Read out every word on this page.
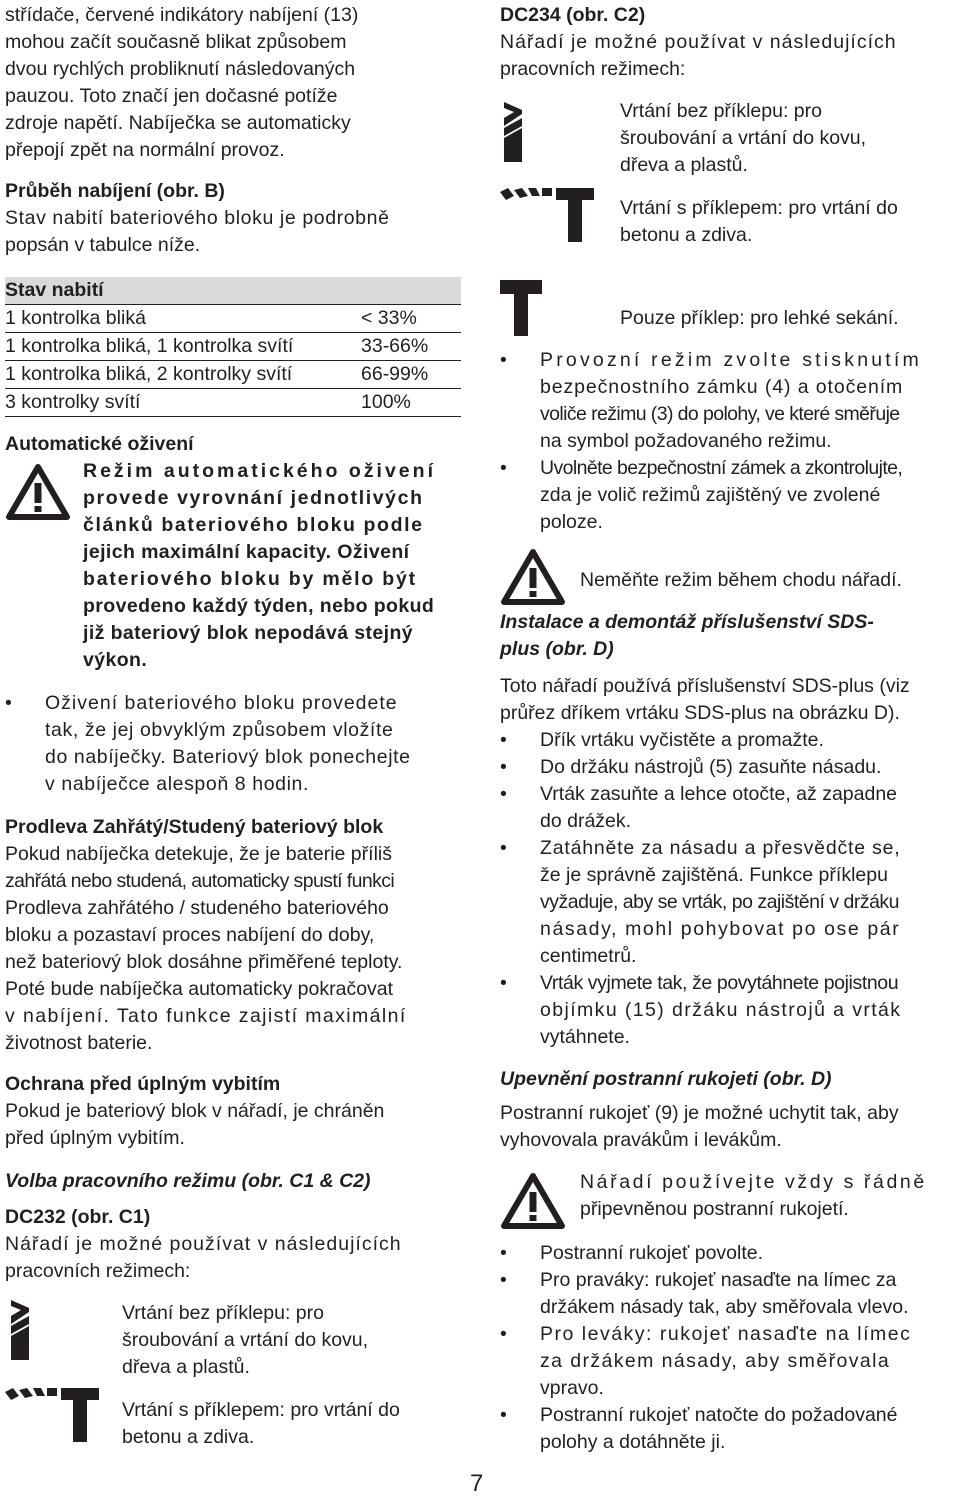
střídače, červené indikátory nabíjení (13)

mohou začít současně blikat způsobem

dvou rychlých probliknutí následovaných

pauzou. Toto značí jen dočasné potíže

zdroje napětí. Nabíječka se automaticky

přepojí zpět na normální provoz.

Průběh nabíjení (obr. B)

Stav nabití bateriového bloku je podrobně

popsán v tabulce níže.

Stav nabití	
1 kontrolka bliká	< 33%
1 kontrolka bliká, 1 kontrolka svítí	33-66%
1 kontrolka bliká, 2 kontrolky svítí	66-99%
3 kontrolky svítí	100%

Automatické oživení

Režim automatického oživení

provede vyrovnání jednotlivých

článků bateriového bloku podle

jejich maximální kapacity. Oživení

bateriového bloku by mělo být

provedeno každý týden, nebo pokud

již bateriový blok nepodává stejný

výkon.

• Oživení bateriového bloku provedete

tak, že jej obvyklým způsobem vložíte

do nabíječky. Bateriový blok ponechejte

v nabíječce alespoň 8 hodin.

Prodleva Zahřátý/Studený bateriový blok

Pokud nabíječka detekuje, že je baterie příliš

zahřátá nebo studená, automaticky spustí funkci

Prodleva zahřátého / studeného bateriového

bloku a pozastaví proces nabíjení do doby,

než bateriový blok dosáhne přiměřené teploty.

Poté bude nabíječka automaticky pokračovat

v nabíjení. Tato funkce zajistí maximální

životnost baterie.

Ochrana před úplným vybitím

Pokud je bateriový blok v nářadí, je chráněn

před úplným vybitím.

Volba pracovního režimu (obr. C1 & C2)

DC232 (obr. C1)

Nářadí je možné používat v následujících

pracovních režimech:

Vrtání bez příklepu: pro

šroubování a vrtání do kovu,

dřeva a plastů.

Vrtání s příklepem: pro vrtání do

betonu a zdiva.

DC234 (obr. C2)

Nářadí je možné používat v následujících

pracovních režimech:

Vrtání bez příklepu: pro

šroubování a vrtání do kovu,

dřeva a plastů.

Vrtání s příklepem: pro vrtání do

betonu a zdiva.

Pouze příklep: pro lehké sekání.

• Provozní režim zvolte stisknutím

bezpečnostního zámku (4) a otočením

voliče režimu (3) do polohy, ve které směřuje

na symbol požadovaného režimu.

• Uvolněte bezpečnostní zámek a zkontrolujte,

zda je volič režimů zajištěný ve zvolené

poloze.

Neměňte režim během chodu nářadí.

Instalace a demontáž příslušenství SDS-

plus (obr. D)

Toto nářadí používá příslušenství SDS-plus (viz

průřez dříkem vrtáku SDS-plus na obrázku D).

• Dřík vrtáku vyčistěte a promažte.

• Do držáku nástrojů (5) zasuňte násadu.

• Vrták zasuňte a lehce otočte, až zapadne

do drážek.

• Zatáhněte za násadu a přesvědčte se,

že je správně zajištěná. Funkce příklepu

vyžaduje, aby se vrták, po zajištění v držáku

násady, mohl pohybovat po ose pár

centimetrů.

• Vrták vyjmete tak, že povytáhnete pojistnou

objímku (15) držáku nástrojů a vrták

vytáhnete.

Upevnění postranní rukojeti (obr. D)

Postranní rukojeť (9) je možné uchytit tak, aby

vyhovovala pravákům i levákům.

Nářadí používejte vždy s řádně

připevněnou postranní rukojetí.

• Postranní rukojeť povolte.

• Pro praváky: rukojeť nasaďte na límec za

držákem násady tak, aby směřovala vlevo.

• Pro leváky: rukojeť nasaďte na límec

za držákem násady, aby směřovala

vpravo.

• Postranní rukojeť natočte do požadované

polohy a dotáhněte ji.

7
